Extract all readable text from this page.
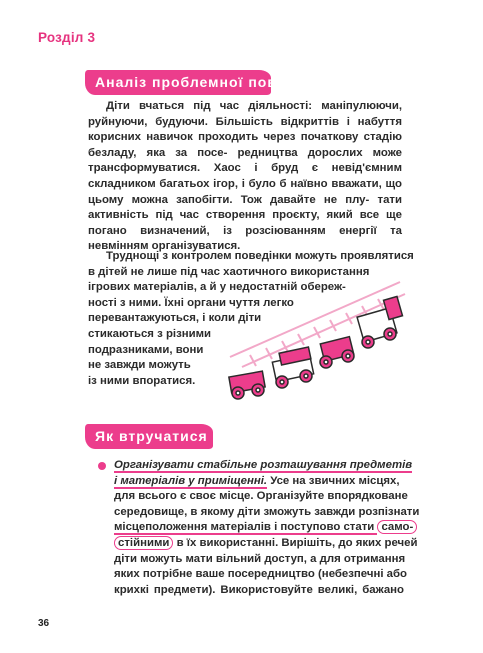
Розділ 3
Аналіз проблемної поведінки
Діти вчаться під час діяльності: маніпулюючи, руйнуючи, будуючи. Більшість відкриттів і набуття корисних навичок проходить через початкову стадію безладу, яка за посе- редництва дорослих може трансформуватися. Хаос і бруд є невід'ємним складником багатьох ігор, і було б наївно вважати, що цьому можна запобігти. Тож давайте не плу- тати активність під час створення проєкту, який все ще погано визначений, із розсіюванням енергії та невмінням організуватися.
Труднощі з контролем поведінки можуть проявлятися
в дітей не лише під час хаотичного використання
ігрових матеріалів, а й у недостатній обереж-
ності з ними. Їхні органи чуття легко
перевантажуються, і коли діти
стикаються з різними
подразниками, вони
не завжди можуть
із ними впоратися.
Як втручатися
Організувати стабільне розташування предметів
і матеріалів у приміщенні. Усе на звичних місцях,
для всього є своє місце. Організуйте впорядковане
середовище, в якому діти зможуть завжди розпізнати
місцеположення матеріалів і поступово стати само-
стійними в їх використанні. Вирішіть, до яких речей
діти можуть мати вільний доступ, а для отримання
яких потрібне ваше посередництво (небезпечні або
крихкі предмети). Використовуйте великі, бажано
36
